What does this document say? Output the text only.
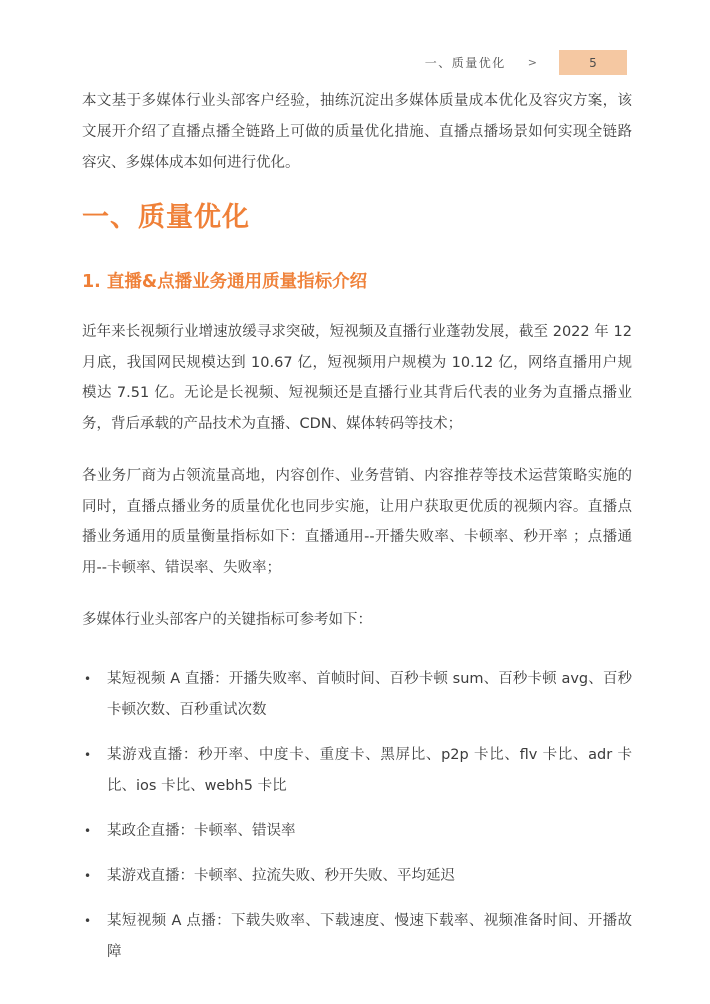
一、质量优化 >	5

本文基于多媒体行业头部客户经验，抽练沉淀出多媒体质量成本优化及容灾方案，该文展开介绍了直播点播全链路上可做的质量优化措施、直播点播场景如何实现全链路容灾、多媒体成本如何进行优化。

一、质量优化
1. 直播&点播业务通用质量指标介绍

近年来长视频行业增速放缓寻求突破，短视频及直播行业蓬勃发展，截至 2022 年 12 月底，我国网民规模达到 10.67 亿，短视频用户规模为 10.12 亿，网络直播用户规模达 7.51 亿。无论是长视频、短视频还是直播行业其背后代表的业务为直播点播业务，背后承载的产品技术为直播、CDN、媒体转码等技术；

各业务厂商为占领流量高地，内容创作、业务营销、内容推荐等技术运营策略实施的同时，直播点播业务的质量优化也同步实施，让用户获取更优质的视频内容。直播点播业务通用的质量衡量指标如下：直播通用--开播失败率、卡顿率、秒开率 ；点播通用--卡顿率、错误率、失败率；

多媒体行业头部客户的关键指标可参考如下：

• 某短视频 A 直播：开播失败率、首帧时间、百秒卡顿 sum、百秒卡顿 avg、百秒卡顿次数、百秒重试次数
• 某游戏直播：秒开率、中度卡、重度卡、黑屏比、p2p 卡比、flv 卡比、adr 卡比、ios 卡比、webh5 卡比
• 某政企直播：卡顿率、错误率
• 某游戏直播：卡顿率、拉流失败、秒开失败、平均延迟
• 某短视频 A 点播：下载失败率、下载速度、慢速下载率、视频准备时间、开播故障
